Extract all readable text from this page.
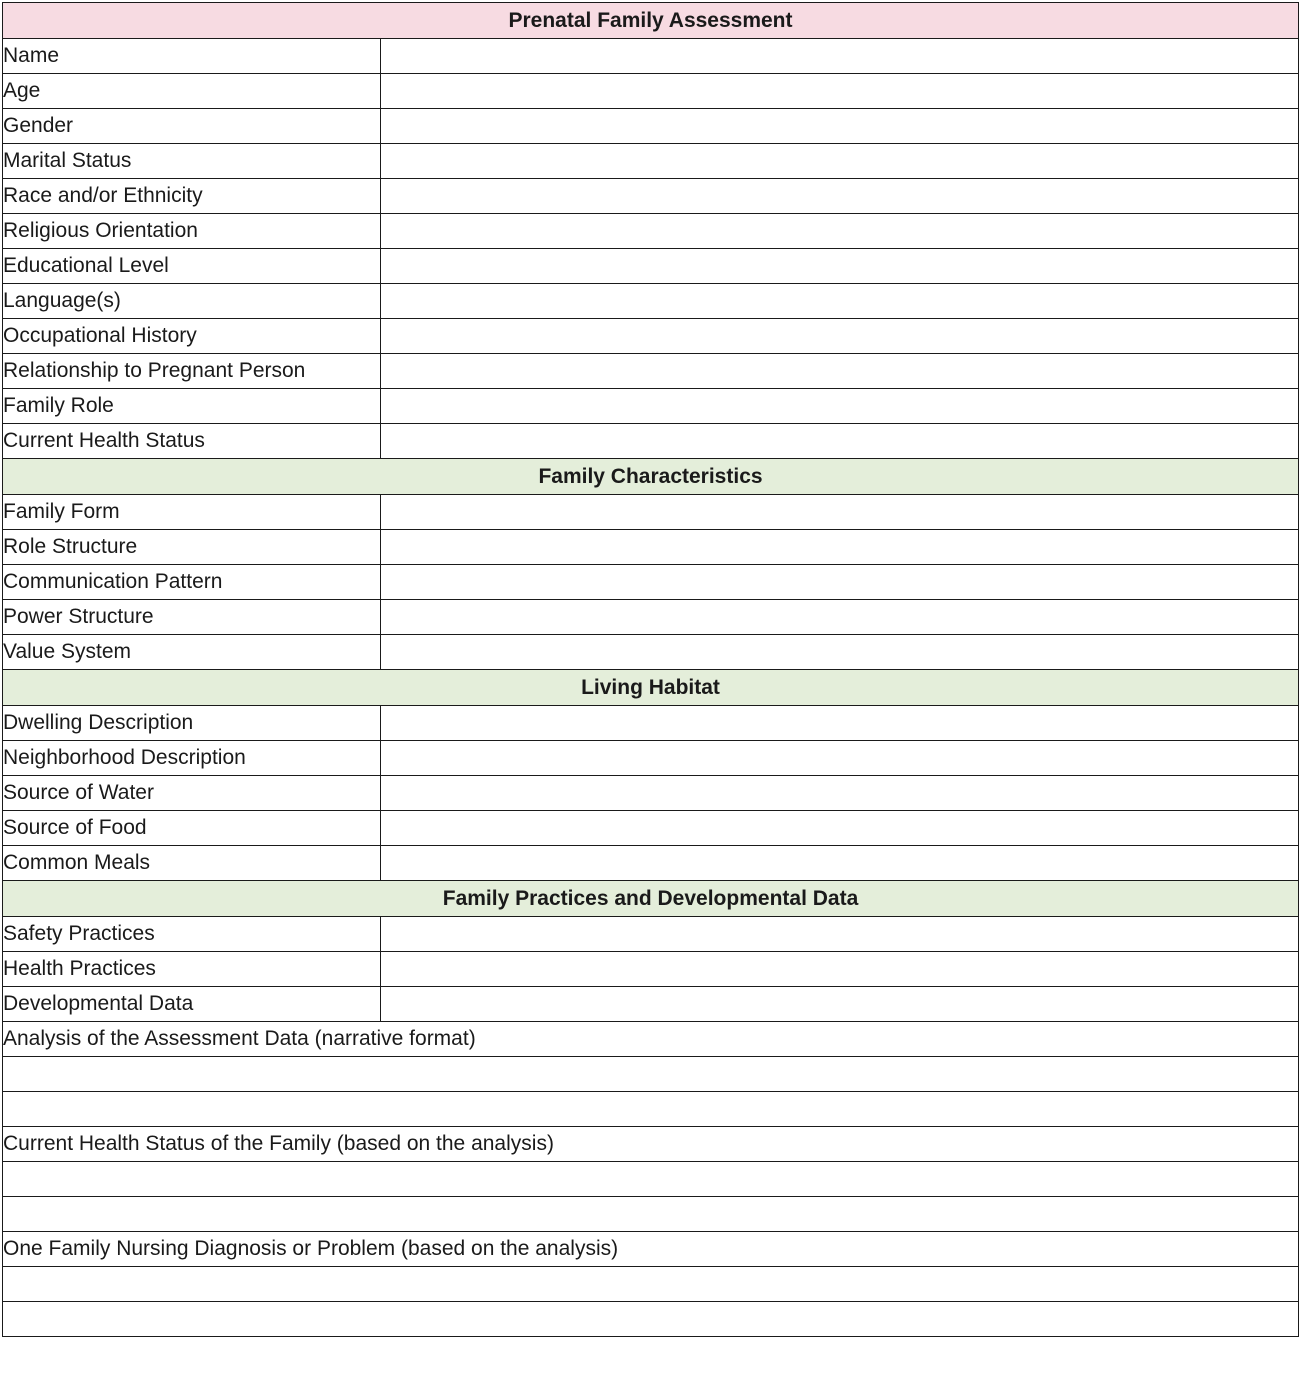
Prenatal Family Assessment	
Name	
Age	
Gender	
Marital Status	
Race and/or Ethnicity	
Religious Orientation	
Educational Level	
Language(s)	
Occupational History	
Relationship to Pregnant Person	
Family Role	
Current Health Status	
Family Characteristics	
Family Form	
Role Structure	
Communication Pattern	
Power Structure	
Value System	
Living Habitat	
Dwelling Description	
Neighborhood Description	
Source of Water	
Source of Food	
Common Meals	
Family Practices and Developmental Data	
Safety Practices	
Health Practices	
Developmental Data	
Analysis of the Assessment Data (narrative format)	

Current Health Status of the Family (based on the analysis)	

One Family Nursing Diagnosis or Problem (based on the analysis)	
